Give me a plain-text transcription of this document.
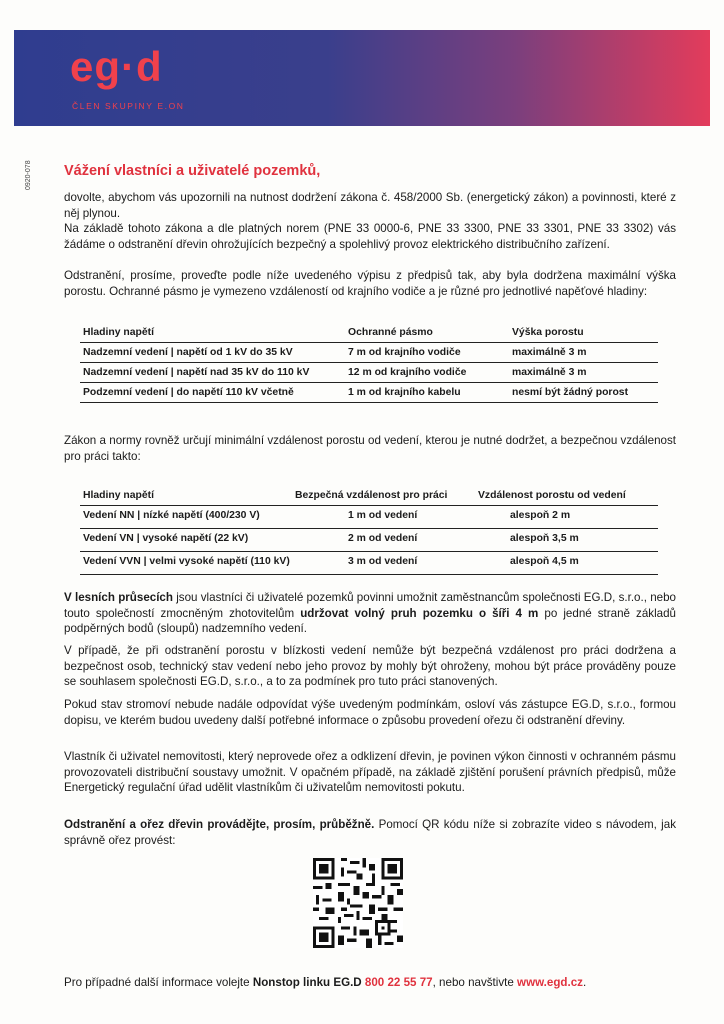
eg·d
ČLEN SKUPINY E.ON
0920-078 Vážení vlastníci a uživatelé pozemků,
dovolte, abychom vás upozornili na nutnost dodržení zákona č. 458/2000 Sb. (energetický zákon) a povinnosti, které z něj plynou.
Na základě tohoto zákona a dle platných norem (PNE 33 0000-6, PNE 33 3300, PNE 33 3301, PNE 33 3302) vás žádáme o odstranění dřevin ohrožujících bezpečný a spolehlivý provoz elektrického distribučního zařízení.
Odstranění, prosíme, proveďte podle níže uvedeného výpisu z předpisů tak, aby byla dodržena maximální výška porostu. Ochranné pásmo je vymezeno vzdáleností od krajního vodiče a je různé pro jednotlivé napěťové hladiny:
Hladiny napětí	Ochranné pásmo	Výška porostu
Nadzemní vedení | napětí od 1 kV do 35 kV	7 m od krajního vodiče	maximálně 3 m
Nadzemní vedení | napětí nad 35 kV do 110 kV	12 m od krajního vodiče	maximálně 3 m
Podzemní vedení | do napětí 110 kV včetně	1 m od krajního kabelu	nesmí být žádný porost
Zákon a normy rovněž určují minimální vzdálenost porostu od vedení, kterou je nutné dodržet, a bezpečnou vzdálenost pro práci takto:
Hladiny napětí	Bezpečná vzdálenost pro práci	Vzdálenost porostu od vedení
Vedení NN | nízké napětí (400/230 V)	1 m od vedení	alespoň 2 m
Vedení VN | vysoké napětí (22 kV)	2 m od vedení	alespoň 3,5 m
Vedení VVN | velmi vysoké napětí (110 kV)	3 m od vedení	alespoň 4,5 m
V lesních průsecích jsou vlastníci či uživatelé pozemků povinni umožnit zaměstnancům společnosti EG.D, s.r.o., nebo touto společností zmocněným zhotovitelům udržovat volný pruh pozemku o šíři 4 m po jedné straně základů podpěrných bodů (sloupů) nadzemního vedení.
V případě, že při odstranění porostu v blízkosti vedení nemůže být bezpečná vzdálenost pro práci dodržena a bezpečnost osob, technický stav vedení nebo jeho provoz by mohly být ohroženy, mohou být práce prováděny pouze se souhlasem společnosti EG.D, s.r.o., a to za podmínek pro tuto práci stanovených.
Pokud stav stromoví nebude nadále odpovídat výše uvedeným podmínkám, osloví vás zástupce EG.D, s.r.o., formou dopisu, ve kterém budou uvedeny další potřebné informace o způsobu provedení ořezu či odstranění dřeviny.
Vlastník či uživatel nemovitosti, který neprovede ořez a odklizení dřevin, je povinen výkon činnosti v ochranném pásmu provozovateli distribuční soustavy umožnit. V opačném případě, na základě zjištění porušení právních předpisů, může Energetický regulační úřad udělit vlastníkům či uživatelům nemovitosti pokutu.
Odstranění a ořez dřevin provádějte, prosím, průběžně. Pomocí QR kódu níže si zobrazíte video s návodem, jak správně ořez provést:
Pro případné další informace volejte Nonstop linku EG.D 800 22 55 77, nebo navštivte www.egd.cz.
